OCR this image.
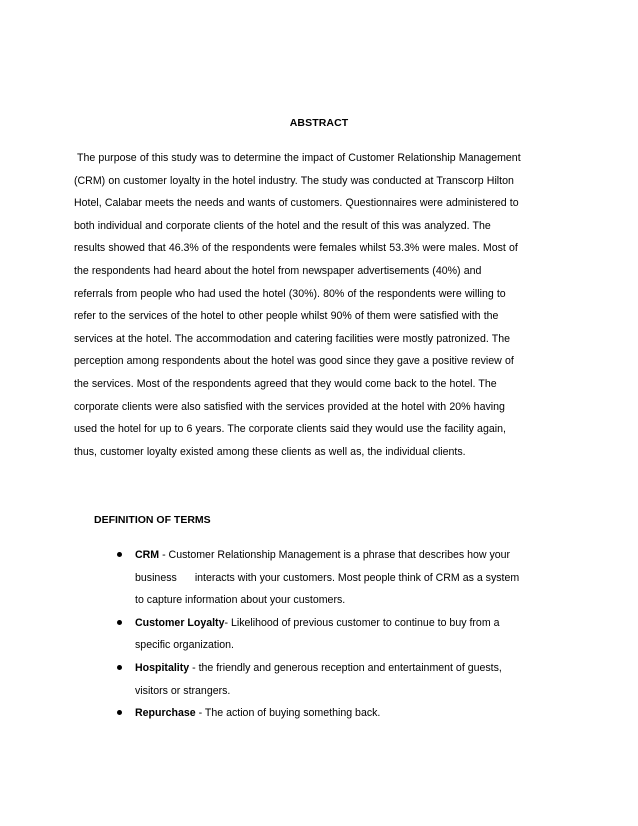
ABSTRACT
The purpose of this study was to determine the impact of Customer Relationship Management
(CRM) on customer loyalty in the hotel industry. The study was conducted at Transcorp Hilton
Hotel, Calabar meets the needs and wants of customers. Questionnaires were administered to
both individual and corporate clients of the hotel and the result of this was analyzed. The
results showed that 46.3% of the respondents were females whilst 53.3% were males. Most of
the respondents had heard about the hotel from newspaper advertisements (40%) and
referrals from people who had used the hotel (30%). 80% of the respondents were willing to
refer to the services of the hotel to other people whilst 90% of them were satisfied with the
services at the hotel. The accommodation and catering facilities were mostly patronized. The
perception among respondents about the hotel was good since they gave a positive review of
the services. Most of the respondents agreed that they would come back to the hotel. The
corporate clients were also satisfied with the services provided at the hotel with 20% having
used the hotel for up to 6 years. The corporate clients said they would use the facility again,
thus, customer loyalty existed among these clients as well as, the individual clients.
DEFINITION OF TERMS
CRM - Customer Relationship Management is a phrase that describes how your
business interacts with your customers. Most people think of CRM as a system
to capture information about your customers.
Customer Loyalty- Likelihood of previous customer to continue to buy from a
specific organization.
Hospitality - the friendly and generous reception and entertainment of guests,
visitors or strangers.
Repurchase - The action of buying something back.
